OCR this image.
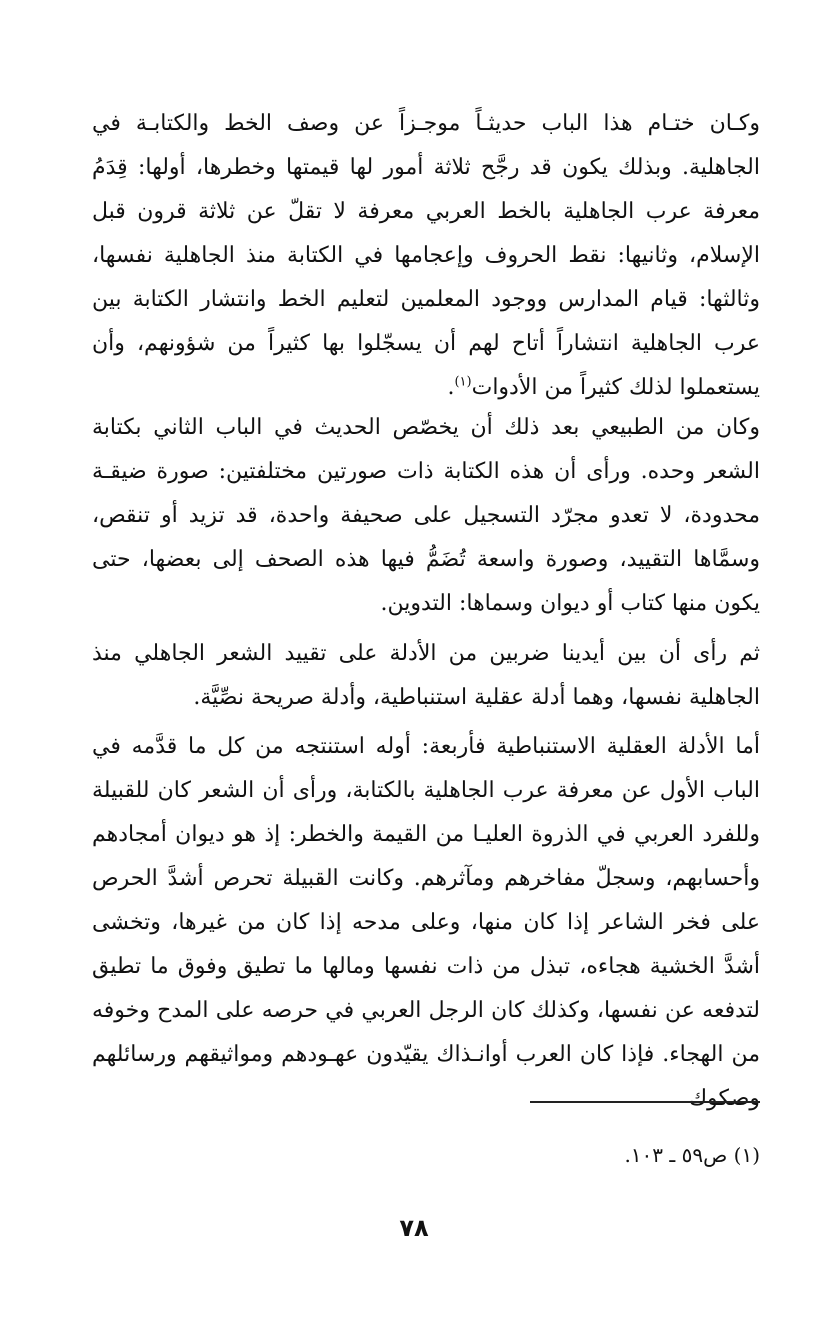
وكـان ختـام هذا الباب حديثـاً موجـزاً عن وصف الخط والكتابـة في الجاهلية. وبذلك يكون قد رجَّح ثلاثة أمور لها قيمتها وخطرها، أولها: قِدَمُ معرفة عرب الجاهلية بالخط العربي معرفة لا تقلّ عن ثلاثة قرون قبل الإسلام، وثانيها: نقط الحروف وإعجامها في الكتابة منذ الجاهلية نفسها، وثالثها: قيام المدارس ووجود المعلمين لتعليم الخط وانتشار الكتابة بين عرب الجاهلية انتشاراً أتاح لهم أن يسجّلوا بها كثيراً من شؤونهم، وأن يستعملوا لذلك كثيراً من الأدوات$^{(١)}$.

وكان من الطبيعي بعد ذلك أن يخصّص الحديث في الباب الثاني بكتابة الشعر وحده. ورأى أن هذه الكتابة ذات صورتين مختلفتين: صورة ضيقـة محدودة، لا تعدو مجرّد التسجيل على صحيفة واحدة، قد تزيد أو تنقص، وسمَّاها التقييد، وصورة واسعة تُضَمُّ فيها هذه الصحف إلى بعضها، حتى يكون منها كتاب أو ديوان وسماها: التدوين.

ثم رأى أن بين أيدينا ضربين من الأدلة على تقييد الشعر الجاهلي منذ الجاهلية نفسها، وهما أدلة عقلية استنباطية، وأدلة صريحة نصِّيَّة.

أما الأدلة العقلية الاستنباطية فأربعة: أوله استنتجه من كل ما قدَّمه في الباب الأول عن معرفة عرب الجاهلية بالكتابة، ورأى أن الشعر كان للقبيلة وللفرد العربي في الذروة العليـا من القيمة والخطر: إذ هو ديوان أمجادهم وأحسابهم، وسجلّ مفاخرهم ومآثرهم. وكانت القبيلة تحرص أشدَّ الحرص على فخر الشاعر إذا كان منها، وعلى مدحه إذا كان من غيرها، وتخشى أشدَّ الخشية هجاءه، تبذل من ذات نفسها ومالها ما تطيق وفوق ما تطيق لتدفعه عن نفسها، وكذلك كان الرجل العربي في حرصه على المدح وخوفه من الهجاء. فإذا كان العرب أوانـذاك يقيّدون عهـودهم ومواثيقهم ورسائلهم وصكوك

(١) ص٥٩ ـ ١٠٣.

٧٨
